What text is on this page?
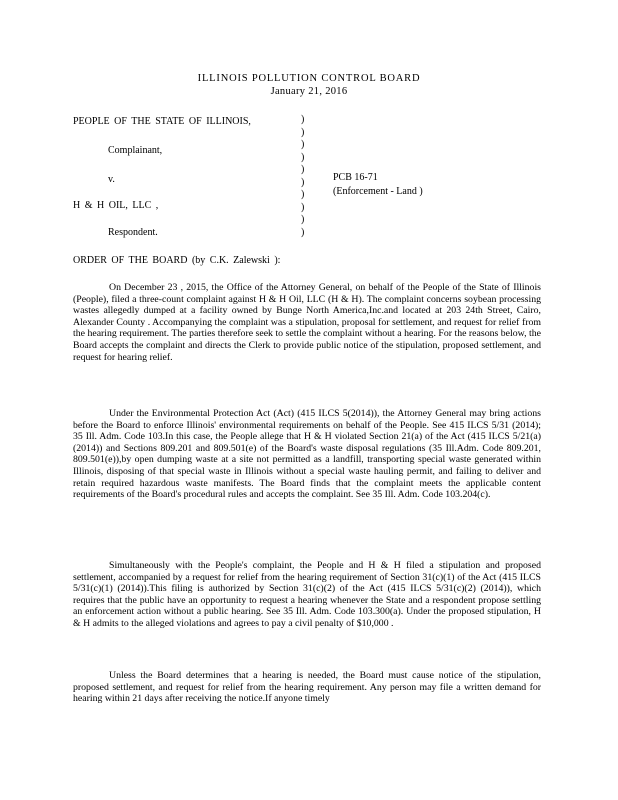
ILLINOIS POLLUTION CONTROL BOARD
January 21, 2016
PEOPLE OF THE STATE OF ILLINOIS,
Complainant,
v.	PCB 16-71
(Enforcement - Land )
H & H OIL, LLC ,
Respondent.
)
)
)
)
)
)
)
)
)
)
ORDER OF THE BOARD (by C.K. Zalewski ):
On December 23 , 2015, the Office of the Attorney General, on behalf of the People of the State of Illinois (People), filed a three-count complaint against H & H Oil, LLC (H & H). The complaint concerns soybean processing wastes allegedly dumped at a facility owned by Bunge North America,Inc.and located at 203 24th Street, Cairo, Alexander County . Accompanying the complaint was a stipulation, proposal for settlement, and request for relief from the hearing requirement. The parties therefore seek to settle the complaint without a hearing. For the reasons below, the Board accepts the complaint and directs the Clerk to provide public notice of the stipulation, proposed settlement, and request for hearing relief.
Under the Environmental Protection Act (Act) (415 ILCS 5(2014)), the Attorney General may bring actions before the Board to enforce Illinois' environmental requirements on behalf of the People. See 415 ILCS 5/31 (2014); 35 Ill. Adm. Code 103.In this case, the People allege that H & H violated Section 21(a) of the Act (415 ILCS 5/21(a) (2014)) and Sections 809.201 and 809.501(e) of the Board's waste disposal regulations (35 Ill.Adm. Code 809.201, 809.501(e)),by open dumping waste at a site not permitted as a landfill, transporting special waste generated within Illinois, disposing of that special waste in Illinois without a special waste hauling permit, and failing to deliver and retain required hazardous waste manifests. The Board finds that the complaint meets the applicable content requirements of the Board's procedural rules and accepts the complaint. See 35 Ill. Adm. Code 103.204(c).
Simultaneously with the People's complaint, the People and H & H filed a stipulation and proposed settlement, accompanied by a request for relief from the hearing requirement of Section 31(c)(1) of the Act (415 ILCS 5/31(c)(1) (2014)).This filing is authorized by Section 31(c)(2) of the Act (415 ILCS 5/31(c)(2) (2014)), which requires that the public have an opportunity to request a hearing whenever the State and a respondent propose settling an enforcement action without a public hearing. See 35 Ill. Adm. Code 103.300(a). Under the proposed stipulation, H & H admits to the alleged violations and agrees to pay a civil penalty of $10,000 .
Unless the Board determines that a hearing is needed, the Board must cause notice of the stipulation, proposed settlement, and request for relief from the hearing requirement. Any person may file a written demand for hearing within 21 days after receiving the notice.If anyone timely
